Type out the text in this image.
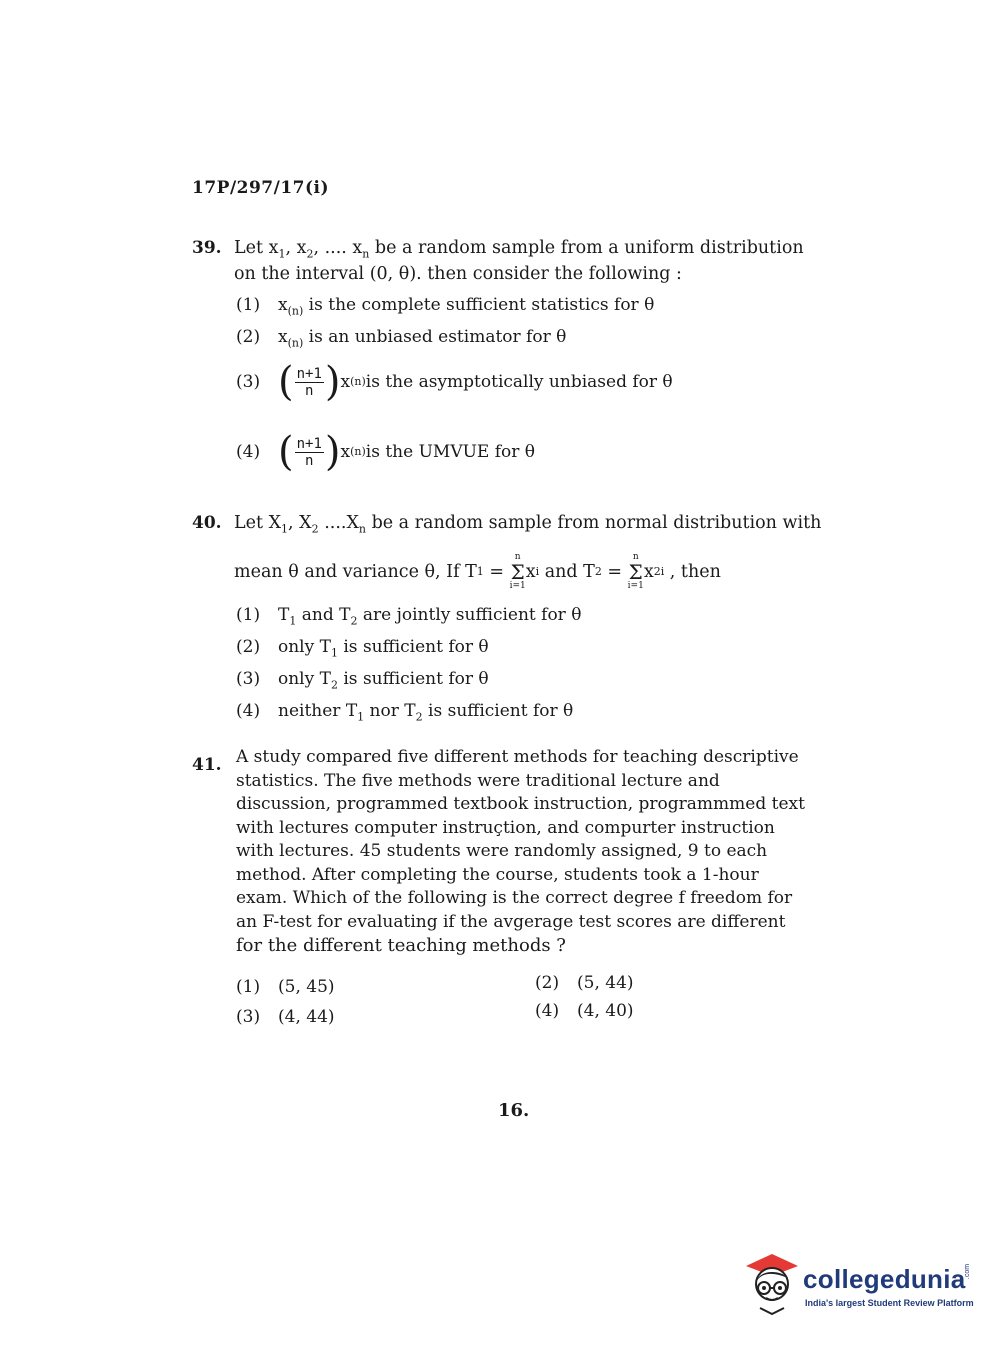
17P/297/17(i)
39. Let $x_1$, $x_2$, .... $x_n$ be a random sample from a uniform distribution
on the interval (0, θ). then consider the following :
(1) $x_{(n)}$ is the complete sufficient statistics for θ
(2) $x_{(n)}$ is an unbiased estimator for θ
(3) ( $\frac{n+1}{n}$ ) x (n) is the asymptotically unbiased for θ
(4) ( $\frac{n+1}{n}$ ) x (n) is the UMVUE for θ
40. Let $X_1$, $X_2$ $....X_n$ be a random sample from normal distribution with
mean θ and variance θ, If T 1 =
n
Σ
i=1
x i and T 2 =
n
Σ
i=1
x 2 i , then
(1) $T_1$ and $T_2$ are jointly sufficient for θ
(2) only $T_1$ is sufficient for θ
(3) only $T_2$ is sufficient for θ
(4) neither $T_1$ nor $T_2$ is sufficient for θ
41. A study compared five different methods for teaching descriptive
statistics. The five methods were traditional lecture and
discussion, programmed textbook instruction, programmmed text
with lectures computer instruçtion, and compurter instruction
with lectures. 45 students were randomly assigned, 9 to each
method. After completing the course, students took a 1-hour
exam. Which of the following is the correct degree f freedom for
an F-test for evaluating if the avgerage test scores are different
for the different teaching methods ?
(1) (5, 45)	(2) (5, 44)
(3) (4, 44)	(4) (4, 40)
16.
collegedunia
.com
India's largest Student Review Platform
